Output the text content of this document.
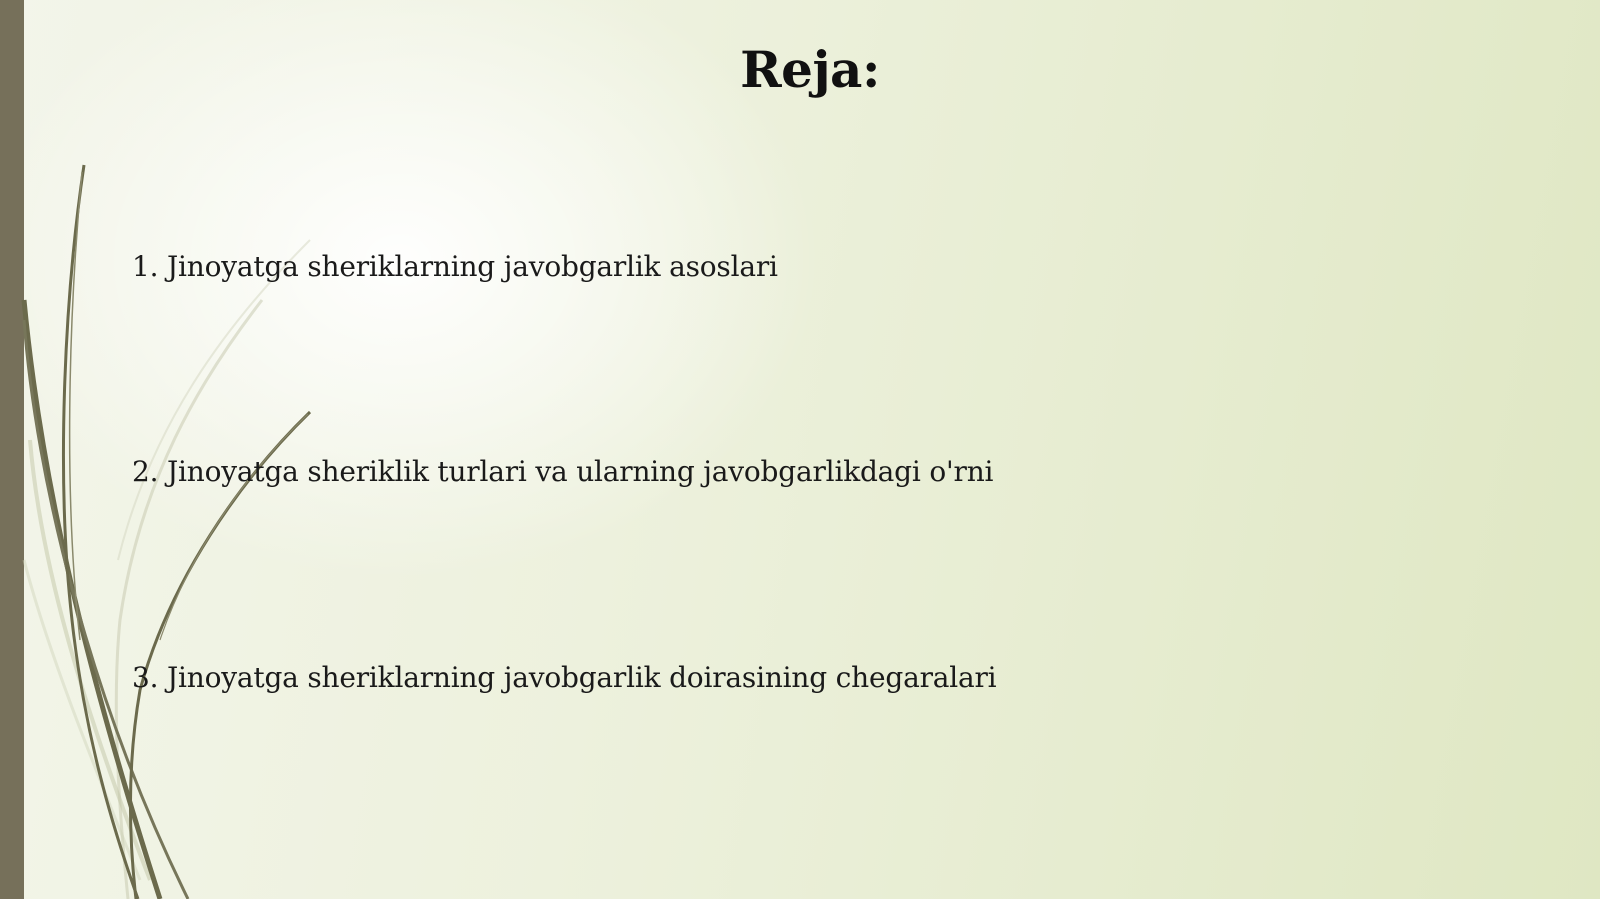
Reja:
1. Jinoyatga sheriklarning javobgarlik asoslari
2. Jinoyatga sheriklik turlari va ularning javobgarlikdagi o'rni
3. Jinoyatga sheriklarning javobgarlik doirasining chegaralari
